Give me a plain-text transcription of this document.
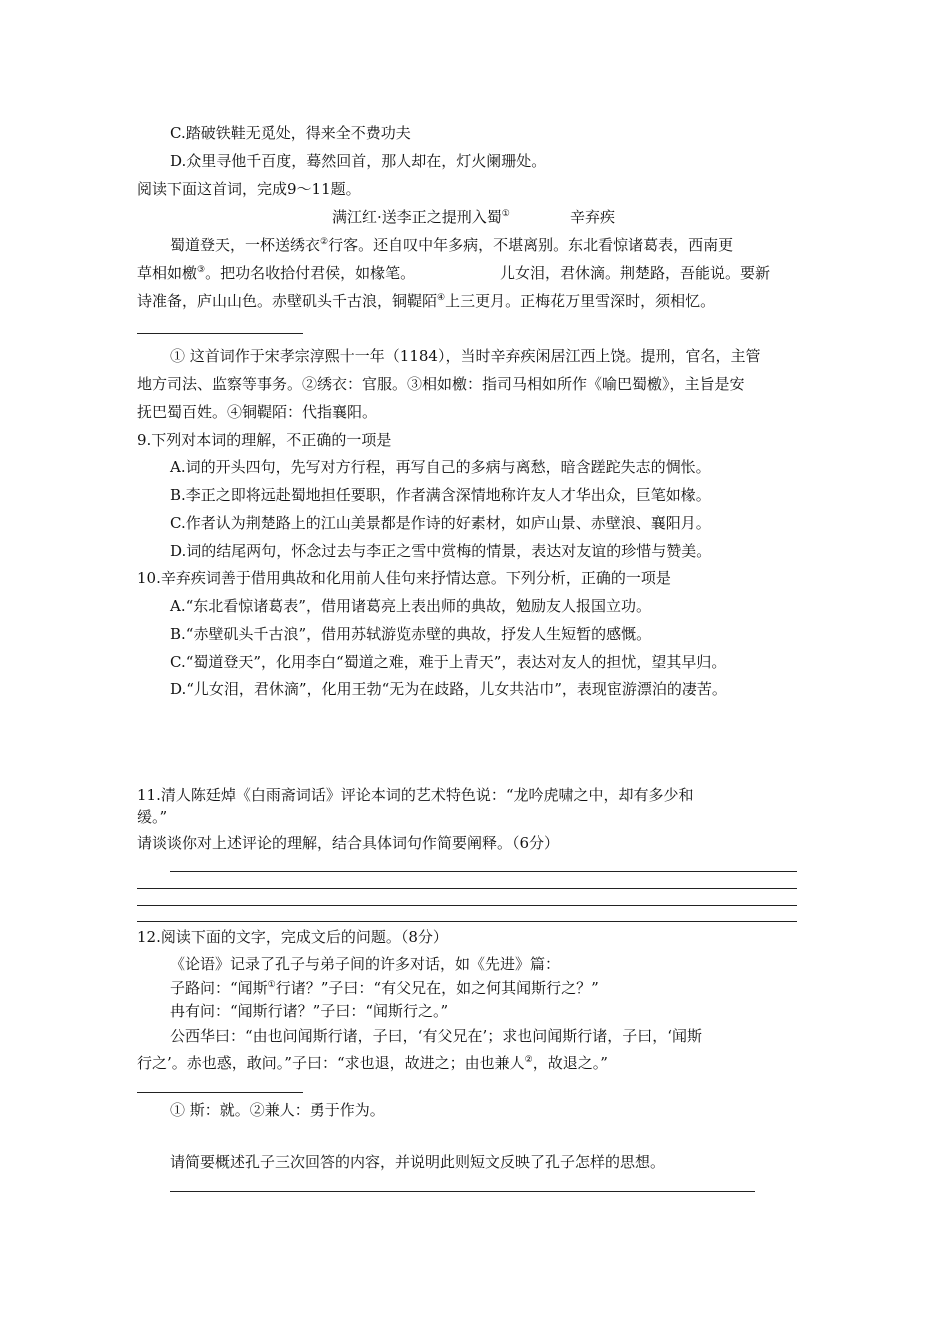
C.踏破铁鞋无觅处，得来全不费功夫
D.众里寻他千百度，蓦然回首，那人却在，灯火阑珊处。
阅读下面这首词，完成9～11题。
满江红·送李正之提刑入蜀①	辛弃疾
蜀道登天，一杯送绣衣②行客。还自叹中年多病，不堪离别。东北看惊诸葛表，西南更
草相如檄③。把功名收拾付君侯，如椽笔。	儿女泪，君休滴。荆楚路，吾能说。要新
诗准备，庐山山色。赤壁矶头千古浪，铜鞮陌④上三更月。正梅花万里雪深时，须相忆。
① 这首词作于宋孝宗淳熙十一年（1184），当时辛弃疾闲居江西上饶。提刑，官名，主管
地方司法、监察等事务。②绣衣：官服。③相如檄：指司马相如所作《喻巴蜀檄》，主旨是安
抚巴蜀百姓。④铜鞮陌：代指襄阳。
9.下列对本词的理解，不正确的一项是
A.词的开头四句，先写对方行程，再写自己的多病与离愁，暗含蹉跎失志的惆怅。
B.李正之即将远赴蜀地担任要职，作者满含深情地称许友人才华出众，巨笔如椽。
C.作者认为荆楚路上的江山美景都是作诗的好素材，如庐山景、赤壁浪、襄阳月。
D.词的结尾两句，怀念过去与李正之雪中赏梅的情景，表达对友谊的珍惜与赞美。
10.辛弃疾词善于借用典故和化用前人佳句来抒情达意。下列分析，正确的一项是
A.“东北看惊诸葛表”，借用诸葛亮上表出师的典故，勉励友人报国立功。
B.“赤壁矶头千古浪”，借用苏轼游览赤壁的典故，抒发人生短暂的感慨。
C.“蜀道登天”，化用李白“蜀道之难，难于上青天”，表达对友人的担忧，望其早归。
D.“儿女泪，君休滴”，化用王勃“无为在歧路，儿女共沾巾”，表现宦游漂泊的凄苦。
11.清人陈廷焯《白雨斋词话》评论本词的艺术特色说：“龙吟虎啸之中，却有多少和
缓。”
请谈谈你对上述评论的理解，结合具体词句作简要阐释。（6分）
12.阅读下面的文字，完成文后的问题。（8分）
《论语》记录了孔子与弟子间的许多对话，如《先进》篇：
子路问：“闻斯①行诸？”子曰：“有父兄在，如之何其闻斯行之？”
冉有问：“闻斯行诸？”子曰：“闻斯行之。”
公西华曰：“由也问闻斯行诸，子曰，‘有父兄在’；求也问闻斯行诸，子曰，‘闻斯
行之’。赤也惑，敢问。”子曰：“求也退，故进之；由也兼人②，故退之。”
① 斯：就。②兼人：勇于作为。
请简要概述孔子三次回答的内容，并说明此则短文反映了孔子怎样的思想。
